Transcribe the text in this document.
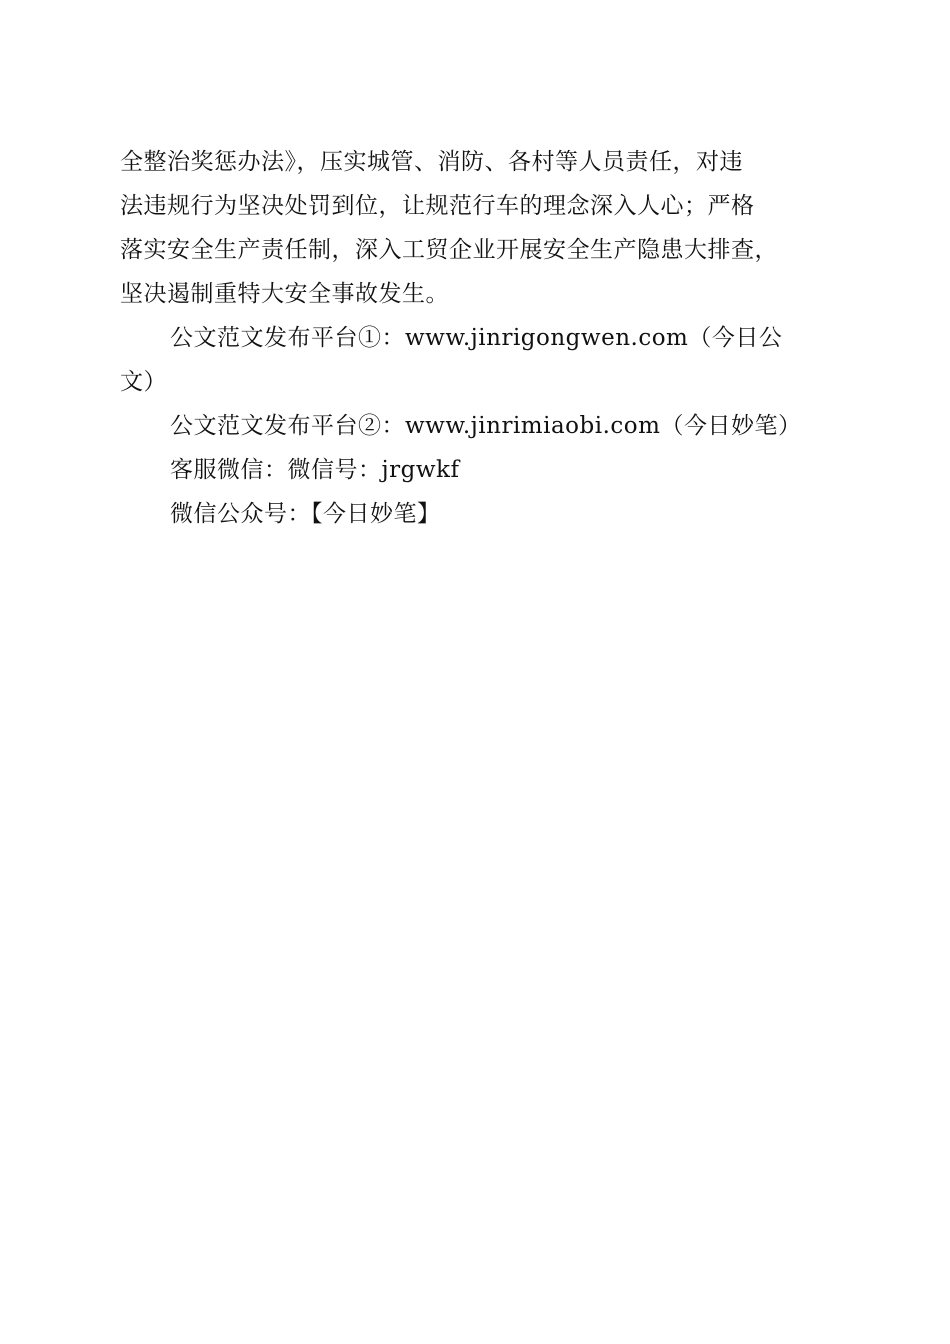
全整治奖惩办法》，压实城管、消防、各村等人员责任，对违
法违规行为坚决处罚到位，让规范行车的理念深入人心；严格
落实安全生产责任制，深入工贸企业开展安全生产隐患大排查，
坚决遏制重特大安全事故发生。
公文范文发布平台①：www.jinrigongwen.com（今日公
文）
公文范文发布平台②：www.jinrimiaobi.com（今日妙笔）
客服微信：微信号：jrgwkf
微信公众号：【今日妙笔】
